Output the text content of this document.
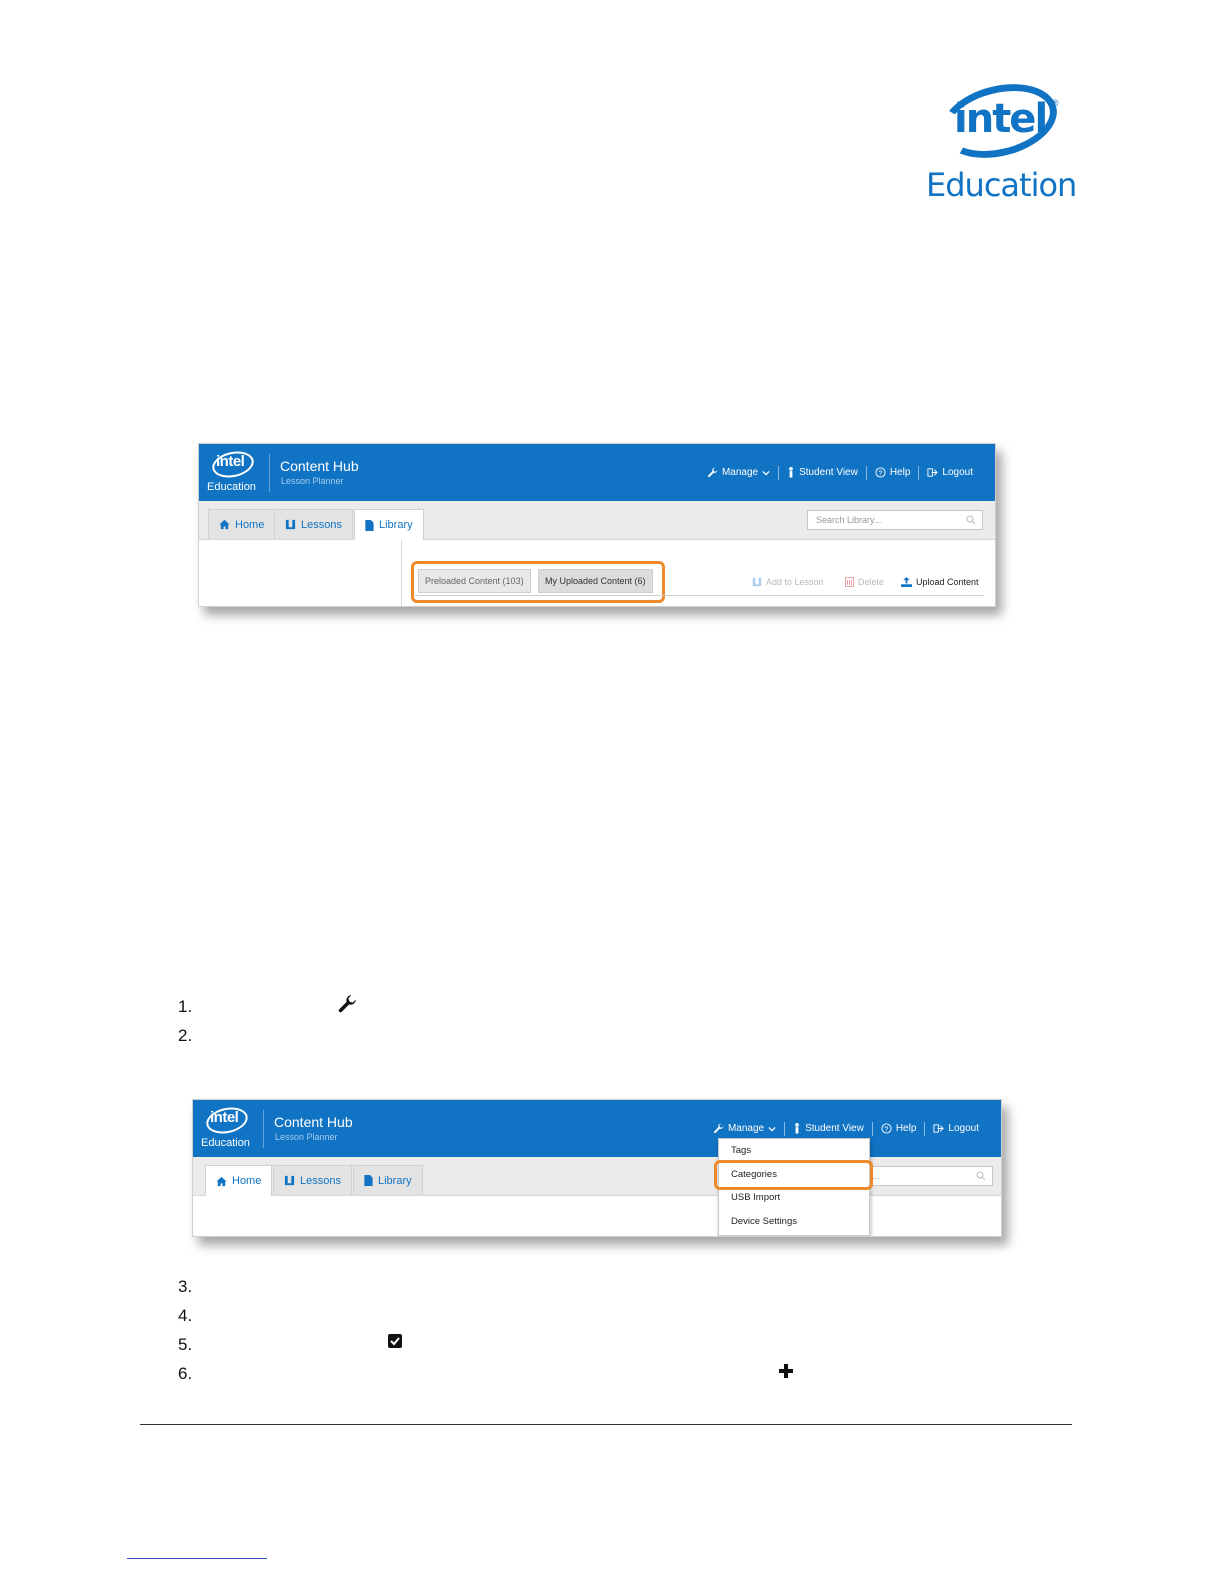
intel ®
Education
intel
Education
Content Hub
Lesson Planner
Manage	Student View	? Help	Logout
Home	Lessons	Library	Search Library...
Preloaded Content (103)	My Uploaded Content (6)	Add to Lesson	Delete	Upload Content
1.
2.
intel
Education
Content Hub
Lesson Planner
Manage	Student View	? Help	Logout
Home	Lessons	Library	...
Tags
Categories
USB Import
Device Settings
3.
4.
5.
6.
